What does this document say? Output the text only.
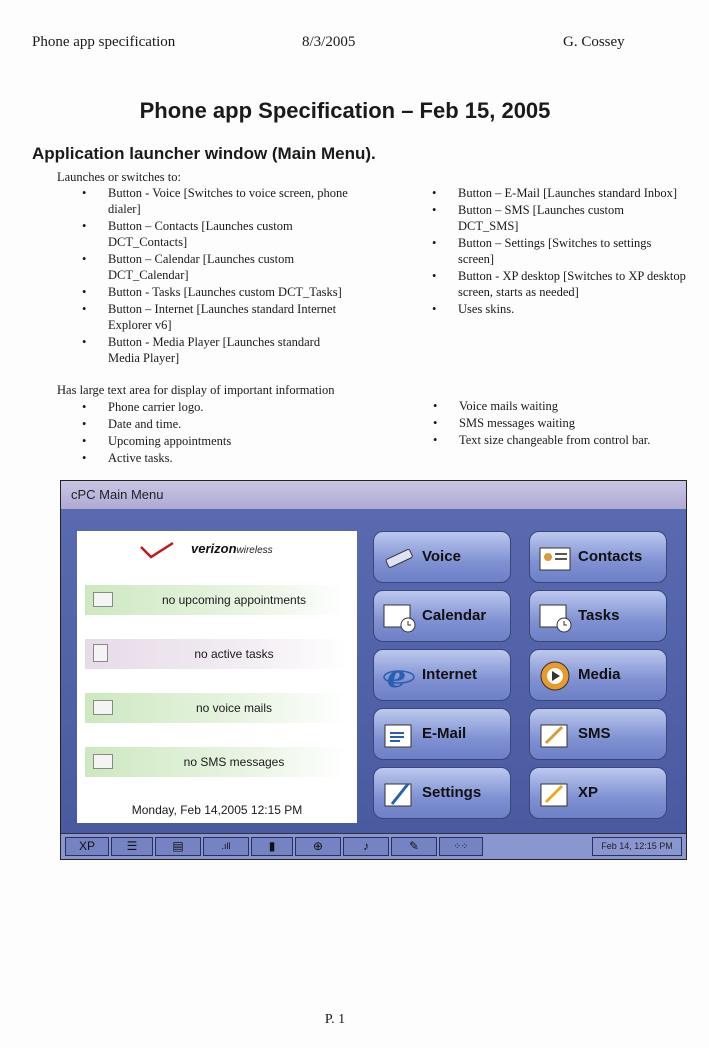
Phone app specification	8/3/2005	G. Cossey
Phone app Specification – Feb 15, 2005
Application launcher window (Main Menu).
Launches or switches to:
• Button - Voice [Switches to voice screen, phone dialer]
• Button – Contacts [Launches custom DCT_Contacts]
• Button – Calendar [Launches custom DCT_Calendar]
• Button - Tasks [Launches custom DCT_Tasks]
• Button – Internet [Launches standard Internet Explorer v6]
• Button - Media Player [Launches standard Media Player]
• Button – E-Mail [Launches standard Inbox]
• Button – SMS [Launches custom DCT_SMS]
• Button – Settings [Switches to settings screen]
• Button - XP desktop [Switches to XP desktop screen, starts as needed]
• Uses skins.
Has large text area for display of important information
• Phone carrier logo.
• Date and time.
• Upcoming appointments
• Active tasks.
• Voice mails waiting
• SMS messages waiting
• Text size changeable from control bar.
cPC Main Menu
verizonwireless
no upcoming appointments
no active tasks
no voice mails
no SMS messages
Monday, Feb 14,2005 12:15 PM
Voice	Contacts
Calendar	Tasks
e Internet	Media
E-Mail	SMS
Settings	XP
XP	☰	▤	.ıll	▮	⊕	♪	✎	⁘⁘	Feb 14, 12:15 PM
P. 1
